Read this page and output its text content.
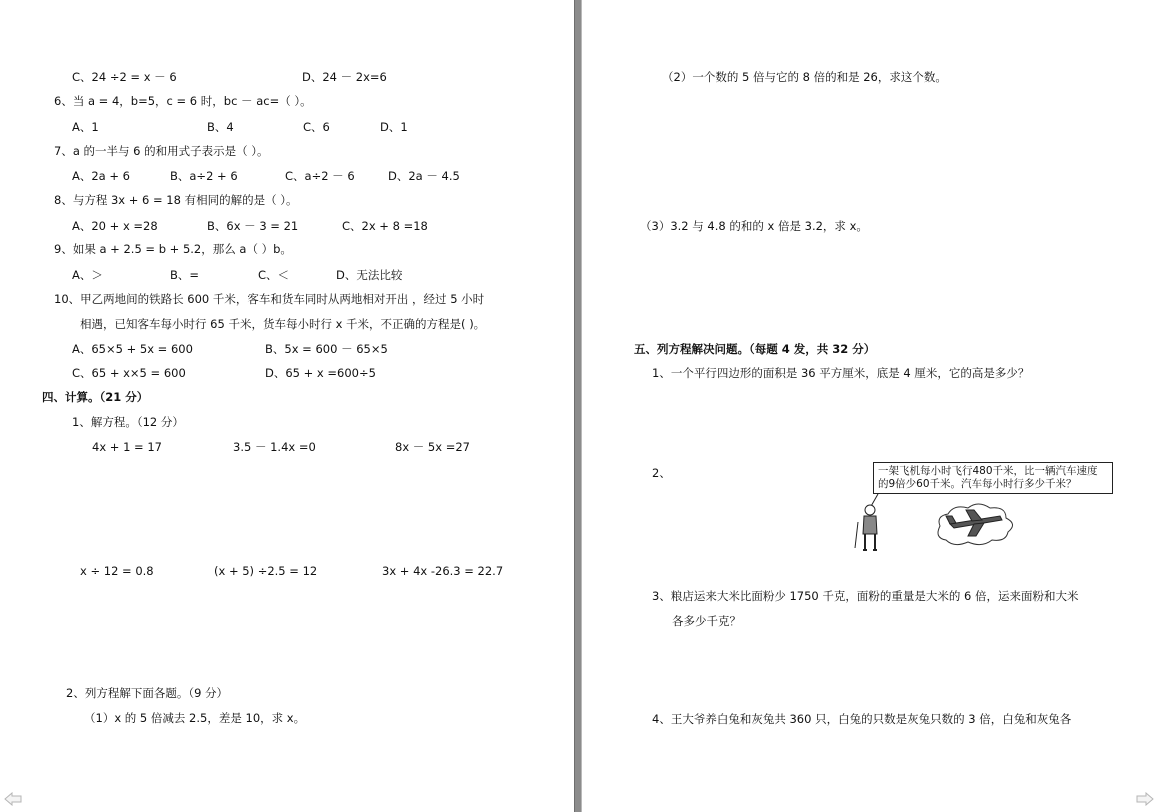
C、24 ÷2 = x － 6	D、24 － 2x=6
6、当 a = 4，b=5，c = 6 时，bc － ac=（ ）。
A、1	B、4	C、6	D、1
7、a 的一半与 6 的和用式子表示是（ ）。
A、2a + 6	B、a÷2 + 6	C、a÷2 － 6	D、2a － 4.5
8、与方程 3x + 6 = 18 有相同的解的是（ ）。
A、20 + x =28	B、6x － 3 = 21	C、2x + 8 =18
9、如果 a + 2.5 = b + 5.2，那么 a（ ）b。
A、＞	B、=	C、＜	D、无法比较
10、甲乙两地间的铁路长 600 千米，客车和货车同时从两地相对开出 ，经过 5 小时
相遇，已知客车每小时行 65 千米，货车每小时行 x 千米，不正确的方程是( )。
A、65×5 + 5x = 600	B、5x = 600 － 65×5
C、65 + x×5 = 600	D、65 + x =600÷5
四、计算。（21 分）
1、解方程。（12 分）
4x + 1 = 17	3.5 － 1.4x =0	8x － 5x =27
x ÷ 12 = 0.8	(x + 5) ÷2.5 = 12	3x + 4x -26.3 = 22.7
2、列方程解下面各题。（9 分）
（1）x 的 5 倍减去 2.5，差是 10，求 x。
（2）一个数的 5 倍与它的 8 倍的和是 26，求这个数。
（3）3.2 与 4.8 的和的 x 倍是 3.2，求 x。
五、列方程解决问题。（每题 4 发，共 32 分）
1、一个平行四边形的面积是 36 平方厘米，底是 4 厘米，它的高是多少？
2、
3、粮店运来大米比面粉少 1750 千克，面粉的重量是大米的 6 倍，运来面粉和大米
各多少千克？
4、王大爷养白兔和灰兔共 360 只，白兔的只数是灰兔只数的 3 倍，白兔和灰兔各
一架飞机每小时飞行480千米，比一辆汽车速度
的9倍少60千米。汽车每小时行多少千米？
